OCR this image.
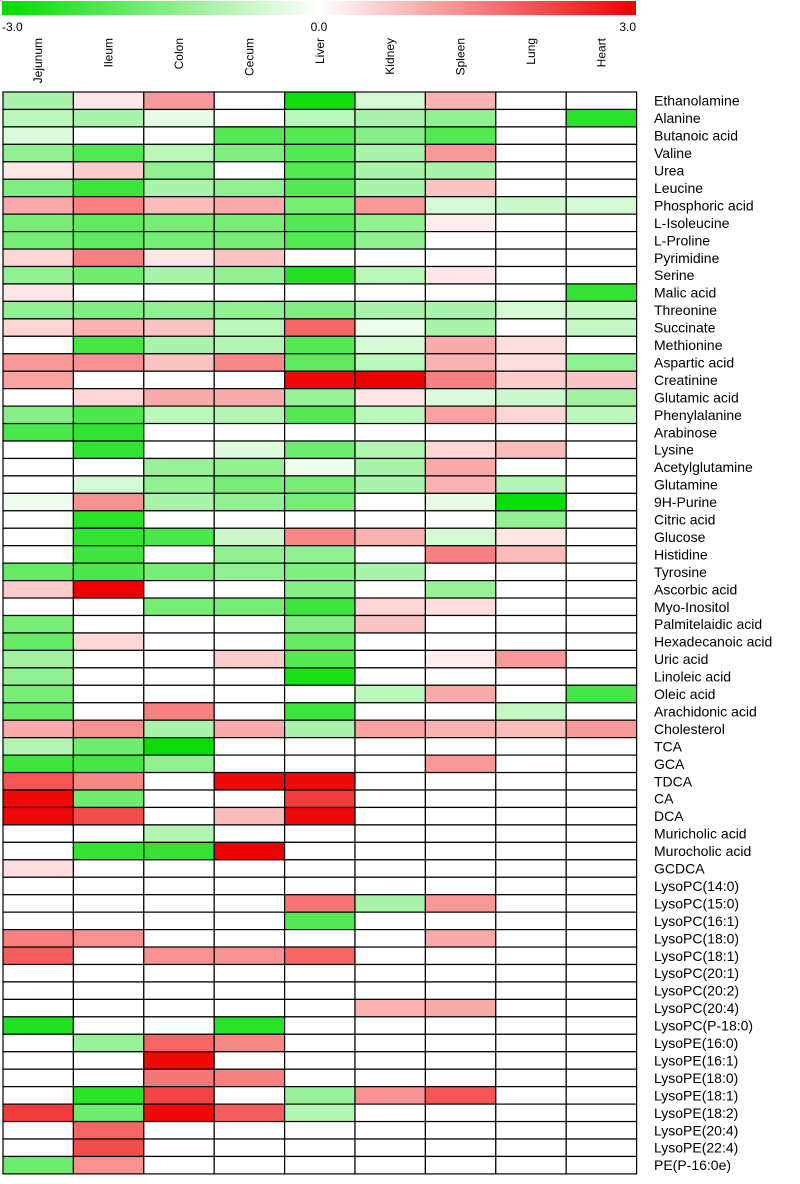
-3.0	0.0	3.0
Jejunum	Ileum	Colon	Cecum	Liver	Kidney	Spleen	Lung	Heart
Ethanolamine
Alanine
Butanoic acid
Valine
Urea
Leucine
Phosphoric acid
L-Isoleucine
L-Proline
Pyrimidine
Serine
Malic acid
Threonine
Succinate
Methionine
Aspartic acid
Creatinine
Glutamic acid
Phenylalanine
Arabinose
Lysine
Acetylglutamine
Glutamine
9H-Purine
Citric acid
Glucose
Histidine
Tyrosine
Ascorbic acid
Myo-Inositol
Palmitelaidic acid
Hexadecanoic acid
Uric acid
Linoleic acid
Oleic acid
Arachidonic acid
Cholesterol
TCA
GCA
TDCA
CA
DCA
Muricholic acid
Murocholic acid
GCDCA
LysoPC(14:0)
LysoPC(15:0)
LysoPC(16:1)
LysoPC(18:0)
LysoPC(18:1)
LysoPC(20:1)
LysoPC(20:2)
LysoPC(20:4)
LysoPC(P-18:0)
LysoPE(16:0)
LysoPE(16:1)
LysoPE(18:0)
LysoPE(18:1)
LysoPE(18:2)
LysoPE(20:4)
LysoPE(22:4)
PE(P-16:0e)
